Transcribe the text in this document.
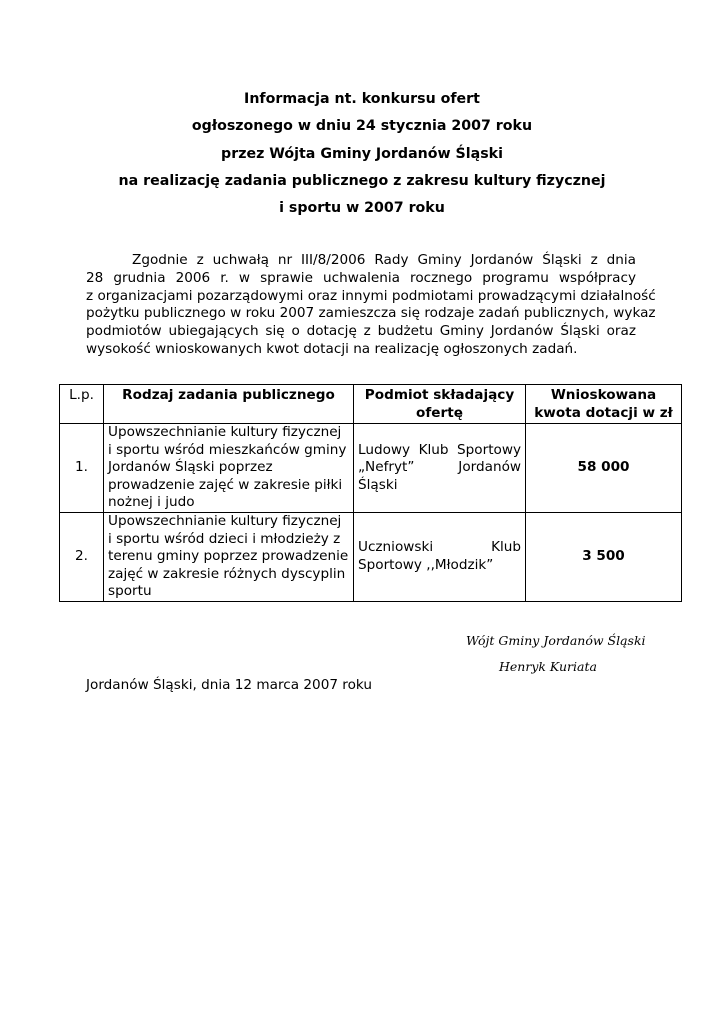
Informacja nt. konkursu ofert
ogłoszonego w dniu 24 stycznia 2007 roku
przez Wójta Gminy Jordanów Śląski
na realizację zadania publicznego z zakresu kultury fizycznej
i sportu w 2007 roku
Zgodnie z uchwałą nr III/8/2006 Rady Gminy Jordanów Śląski z dnia
28 grudnia 2006 r. w sprawie uchwalenia rocznego programu współpracy
z organizacjami pozarządowymi oraz innymi podmiotami prowadzącymi działalność
pożytku publicznego w roku 2007 zamieszcza się rodzaje zadań publicznych, wykaz
podmiotów ubiegających się o dotację z budżetu Gminy Jordanów Śląski oraz
wysokość wnioskowanych kwot dotacji na realizację ogłoszonych zadań.
L.p.	Rodzaj zadania publicznego	Podmiot składający ofertę	Wnioskowana kwota dotacji w zł
1.	Upowszechnianie kultury fizycznej i sportu wśród mieszkańców gminy Jordanów Śląski poprzez prowadzenie zajęć w zakresie piłki nożnej i judo	Ludowy Klub Sportowy „Nefryt” Jordanów Śląski	58 000
2.	Upowszechnianie kultury fizycznej i sportu wśród dzieci i młodzieży z terenu gminy poprzez prowadzenie zajęć w zakresie różnych dyscyplin sportu	Uczniowski Klub Sportowy ,,Młodzik”	3 500
Wójt Gminy Jordanów Śląski
Henryk Kuriata
Jordanów Śląski, dnia 12 marca 2007 roku
